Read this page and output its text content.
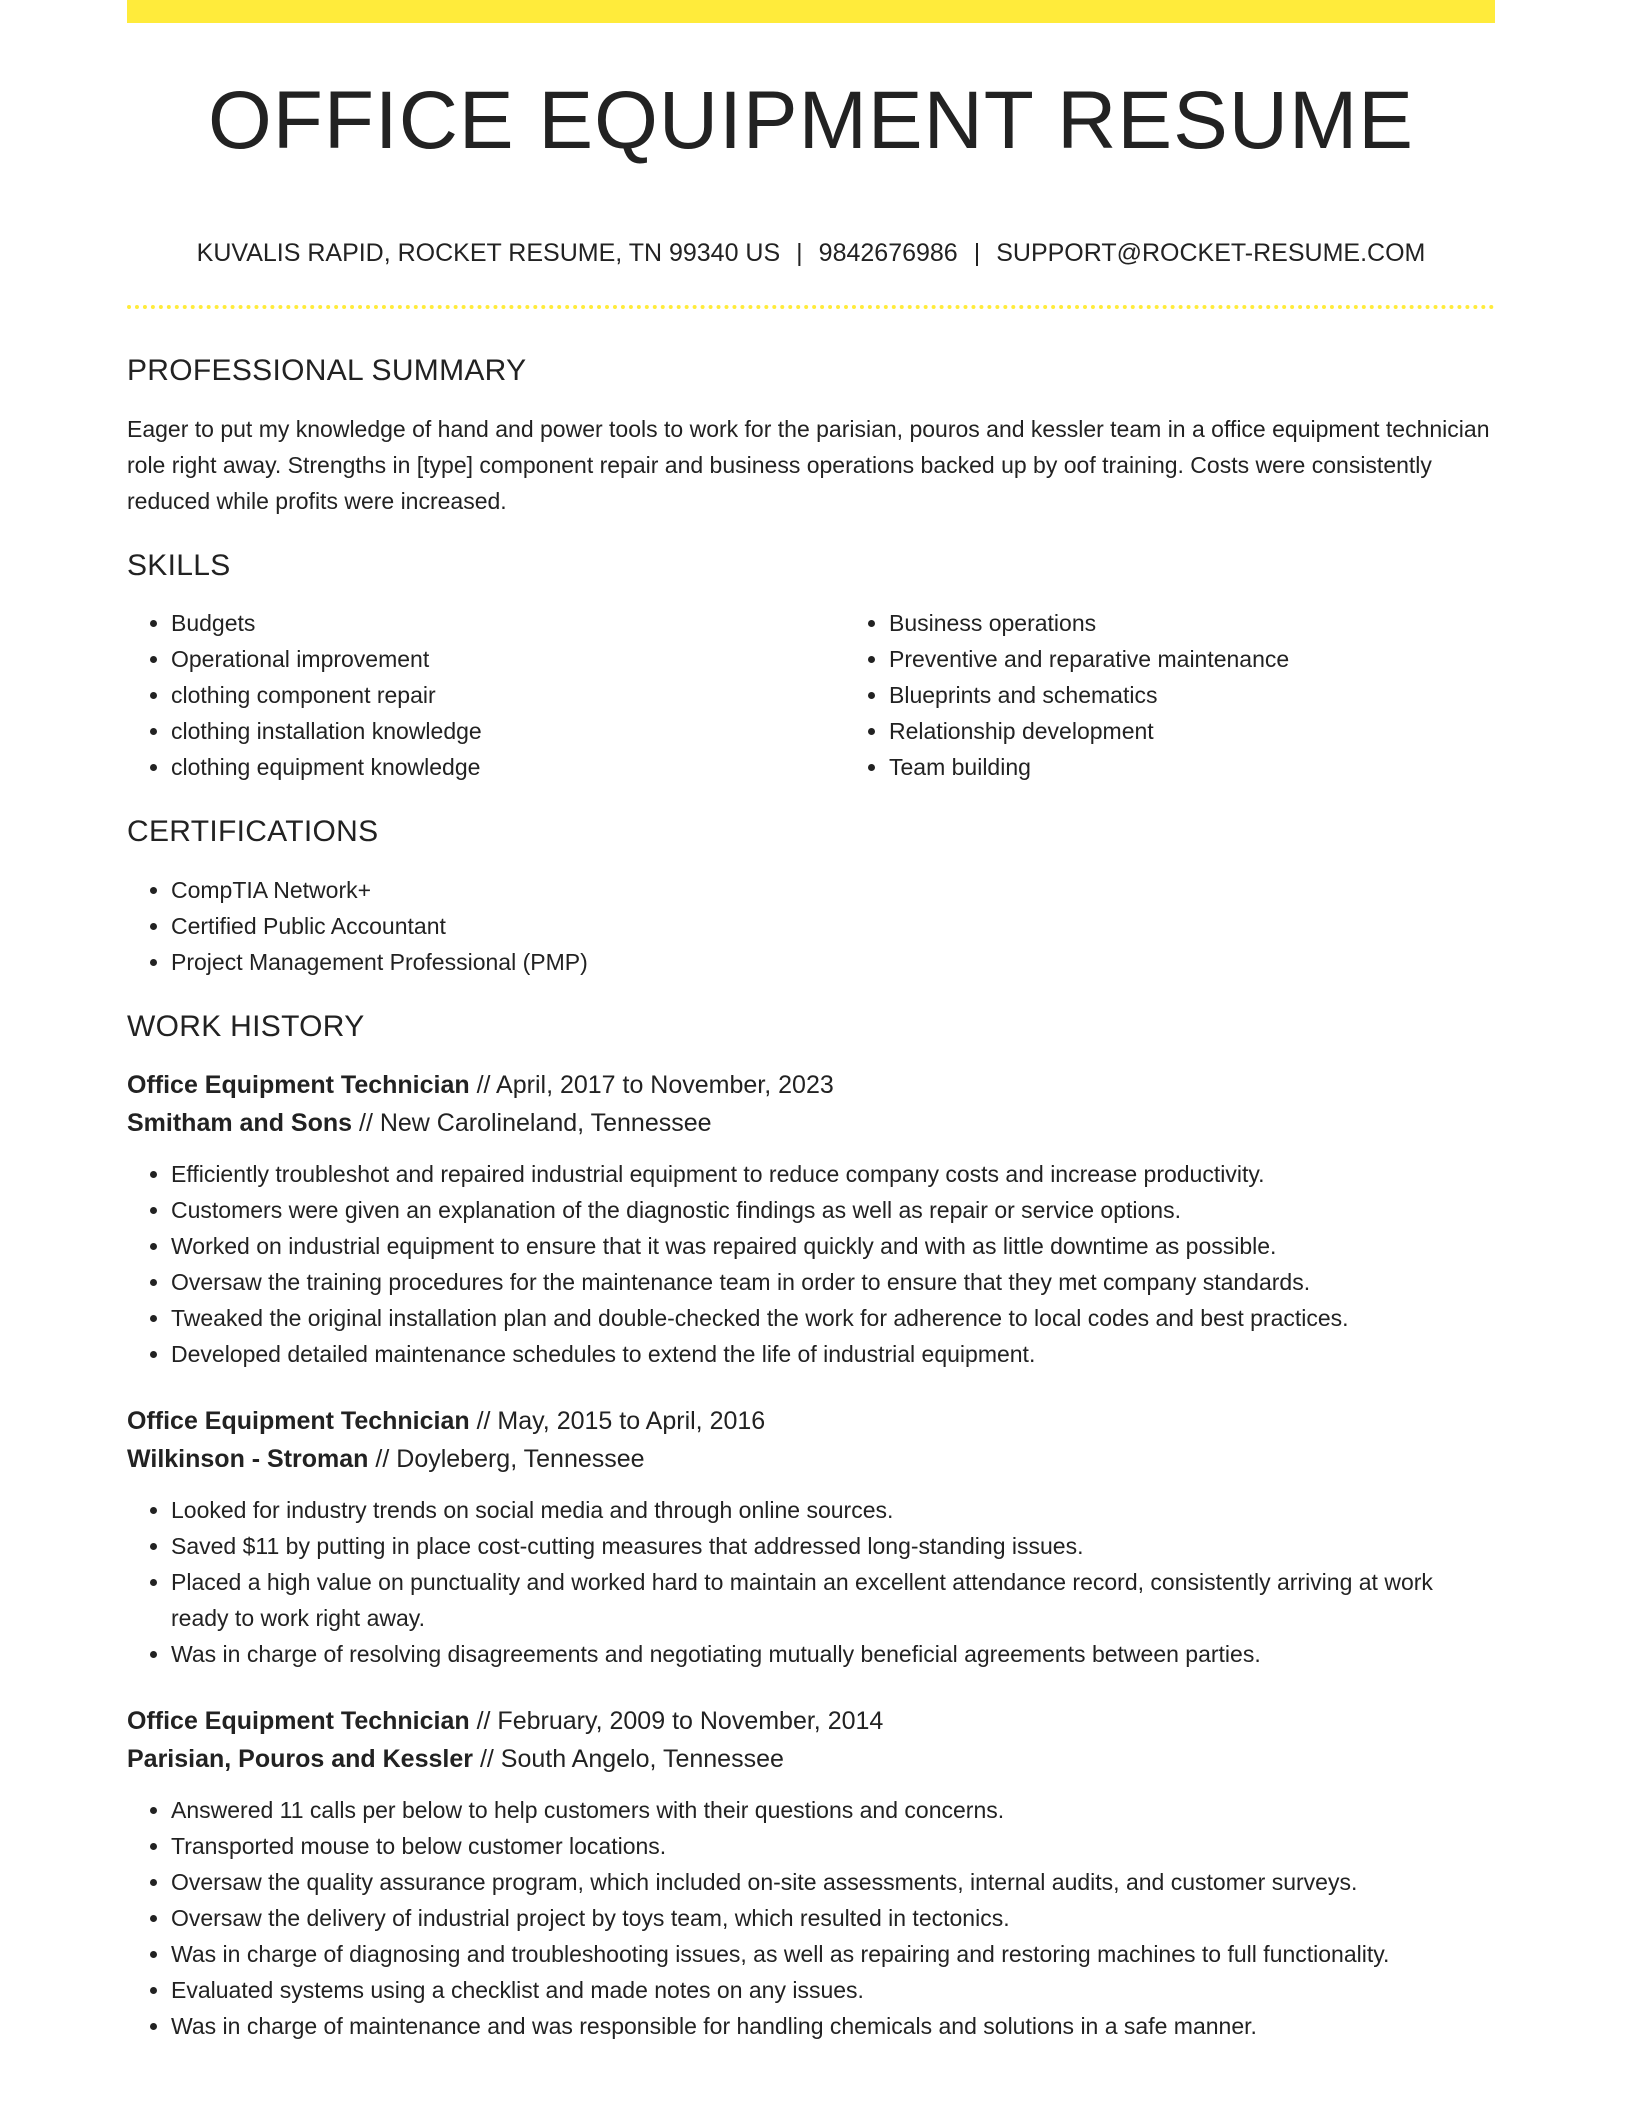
OFFICE EQUIPMENT RESUME
KUVALIS RAPID, ROCKET RESUME, TN 99340 US | 9842676986 | SUPPORT@ROCKET-RESUME.COM
PROFESSIONAL SUMMARY

Eager to put my knowledge of hand and power tools to work for the parisian, pouros and kessler team in a office equipment technician role right away. Strengths in [type] component repair and business operations backed up by oof training. Costs were consistently reduced while profits were increased.

SKILLS
• Budgets
• Operational improvement
• clothing component repair
• clothing installation knowledge
• clothing equipment knowledge
• Business operations
• Preventive and reparative maintenance
• Blueprints and schematics
• Relationship development
• Team building
CERTIFICATIONS
• CompTIA Network+
• Certified Public Accountant
• Project Management Professional (PMP)
WORK HISTORY
Office Equipment Technician // April, 2017 to November, 2023
Smitham and Sons // New Carolineland, Tennessee
• Efficiently troubleshot and repaired industrial equipment to reduce company costs and increase productivity.
• Customers were given an explanation of the diagnostic findings as well as repair or service options.
• Worked on industrial equipment to ensure that it was repaired quickly and with as little downtime as possible.
• Oversaw the training procedures for the maintenance team in order to ensure that they met company standards.
• Tweaked the original installation plan and double-checked the work for adherence to local codes and best practices.
• Developed detailed maintenance schedules to extend the life of industrial equipment.
Office Equipment Technician // May, 2015 to April, 2016
Wilkinson - Stroman // Doyleberg, Tennessee
• Looked for industry trends on social media and through online sources.
• Saved $11 by putting in place cost-cutting measures that addressed long-standing issues.
• Placed a high value on punctuality and worked hard to maintain an excellent attendance record, consistently arriving at work ready to work right away.
• Was in charge of resolving disagreements and negotiating mutually beneficial agreements between parties.
Office Equipment Technician // February, 2009 to November, 2014
Parisian, Pouros and Kessler // South Angelo, Tennessee
• Answered 11 calls per below to help customers with their questions and concerns.
• Transported mouse to below customer locations.
• Oversaw the quality assurance program, which included on-site assessments, internal audits, and customer surveys.
• Oversaw the delivery of industrial project by toys team, which resulted in tectonics.
• Was in charge of diagnosing and troubleshooting issues, as well as repairing and restoring machines to full functionality.
• Evaluated systems using a checklist and made notes on any issues.
• Was in charge of maintenance and was responsible for handling chemicals and solutions in a safe manner.
